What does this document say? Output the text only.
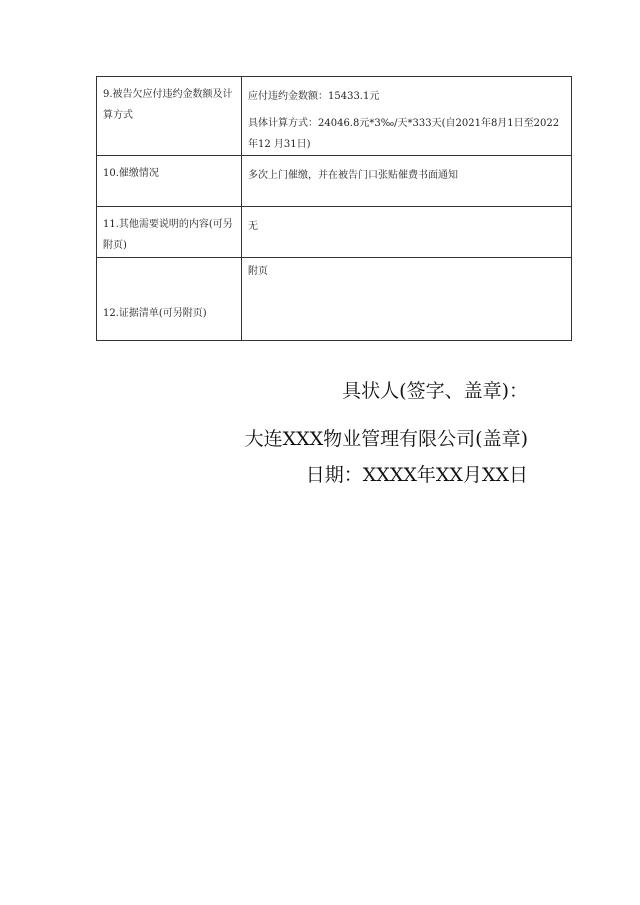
9.被告欠应付违约金数额及计算方式	应付违约金数额：15433.1元
具体计算方式：24046.8元*3‰/天*333天(自2021年8月1日至2022年12 月31日)

10.催缴情况	多次上门催缴，并在被告门口张贴催费书面通知

11.其他需要说明的内容(可另附页)	无

12.证据清单(可另附页)	附页
具状人(签字、盖章)：
大连XXX物业管理有限公司(盖章)
日期：XXXX年XX月XX日
